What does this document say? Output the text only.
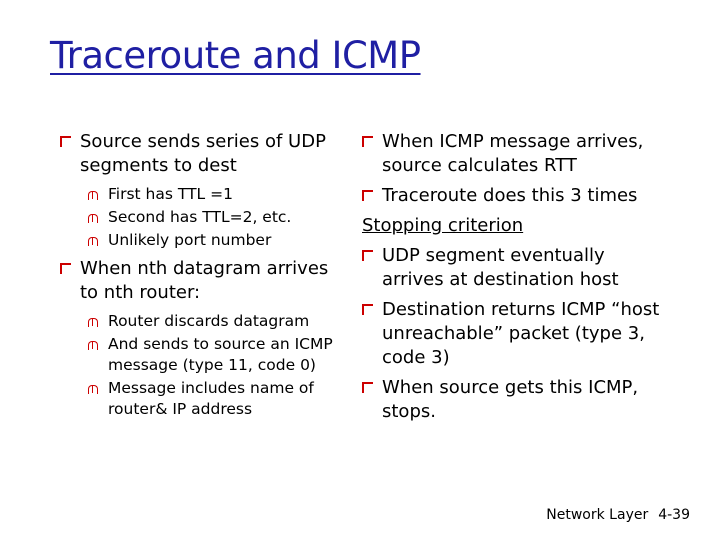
Traceroute and ICMP
Source sends series of UDP segments to dest
First has TTL =1
Second has TTL=2, etc.
Unlikely port number
When nth datagram arrives to nth router:
Router discards datagram
And sends to source an ICMP message (type 11, code 0)
Message includes name of router& IP address
When ICMP message arrives, source calculates RTT
Traceroute does this 3 times
Stopping criterion
UDP segment eventually arrives at destination host
Destination returns ICMP “host unreachable” packet (type 3, code 3)
When source gets this ICMP, stops.
Network Layer 4-39
